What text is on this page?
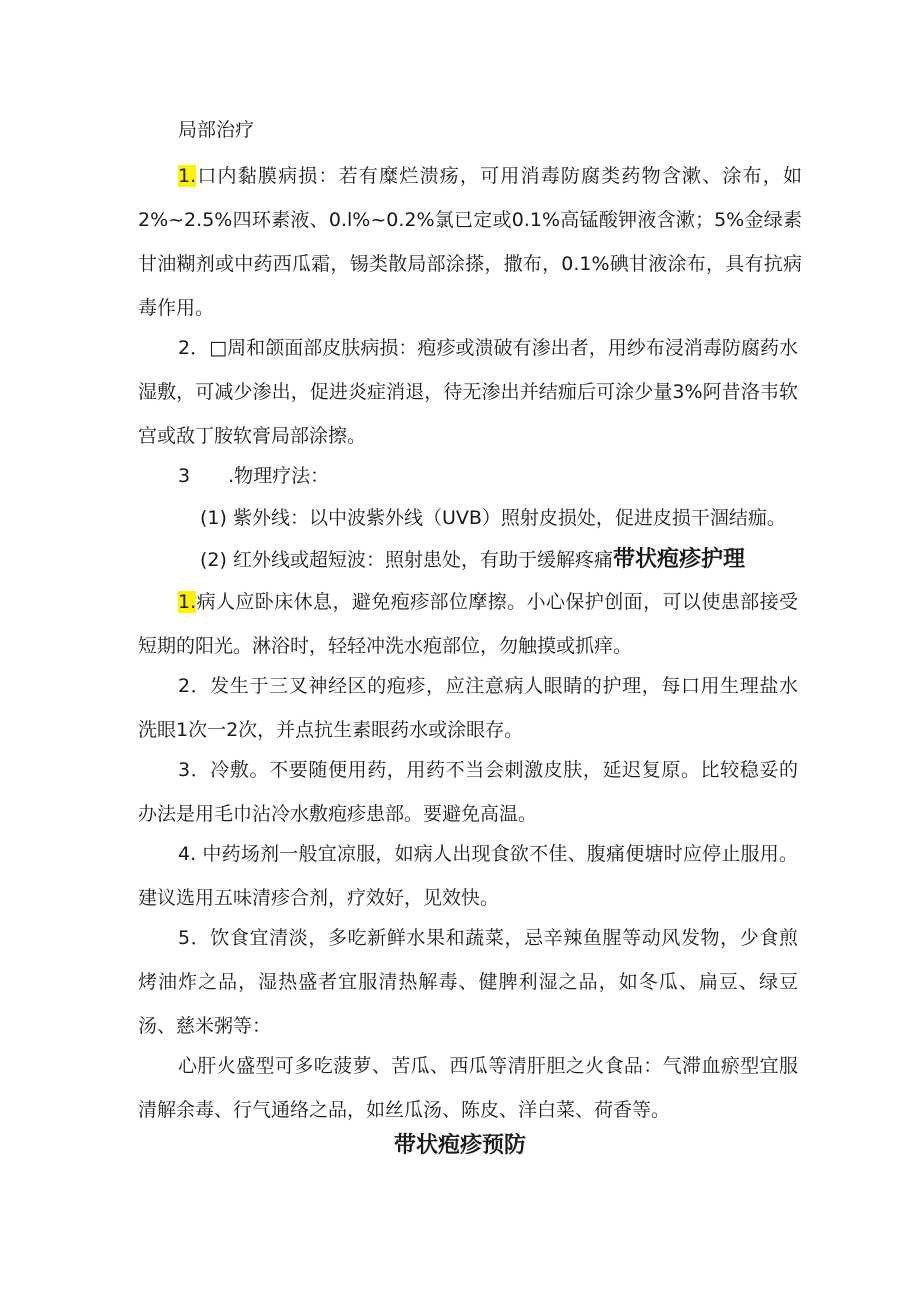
局部治疗

1.口内黏膜病损：若有糜烂溃疡，可用消毒防腐类药物含漱、涂布，如2%~2.5%四环素液、0.l%~0.2%氯已定或0.1%高锰酸钾液含漱；5%金绿素甘油糊剂或中药西瓜霜，锡类散局部涂搽，撒布，0.1%碘甘液涂布，具有抗病毒作用。

2．□周和颌面部皮肤病损：疱疹或溃破有渗出者，用纱布浸消毒防腐药水湿敷，可减少渗出，促进炎症消退，待无渗出并结痂后可涂少量3%阿昔洛韦软宫或敌丁胺软膏局部涂擦。

3　　.物理疗法：

(1) 紫外线：以中波紫外线（UVB）照射皮损处，促进皮损干涸结痂。

(2) 红外线或超短波：照射患处，有助于缓解疼痛带状疱疹护理

1.病人应卧床休息，避免疱疹部位摩擦。小心保护创面，可以使患部接受短期的阳光。淋浴时，轻轻冲洗水疱部位，勿触摸或抓痒。

2．发生于三叉神经区的疱疹，应注意病人眼睛的护理，每口用生理盐水洗眼1次一2次，并点抗生素眼药水或涂眼存。

3．冷敷。不要随便用药，用药不当会刺激皮肤，延迟复原。比较稳妥的办法是用毛巾沾冷水敷疱疹患部。要避免高温。

4. 中药场剂一般宜凉服，如病人出现食欲不佳、腹痛便塘时应停止服用。建议选用五味清疹合剂，疗效好，见效快。

5．饮食宜清淡，多吃新鲜水果和蔬菜，忌辛辣鱼腥等动风发物，少食煎烤油炸之品，湿热盛者宜服清热解毒、健脾利湿之品，如冬瓜、扁豆、绿豆汤、慈米粥等：

心肝火盛型可多吃菠萝、苦瓜、西瓜等清肝胆之火食品：气滞血瘀型宜服清解余毒、行气通络之品，如丝瓜汤、陈皮、洋白菜、荷香等。

带状疱疹预防
